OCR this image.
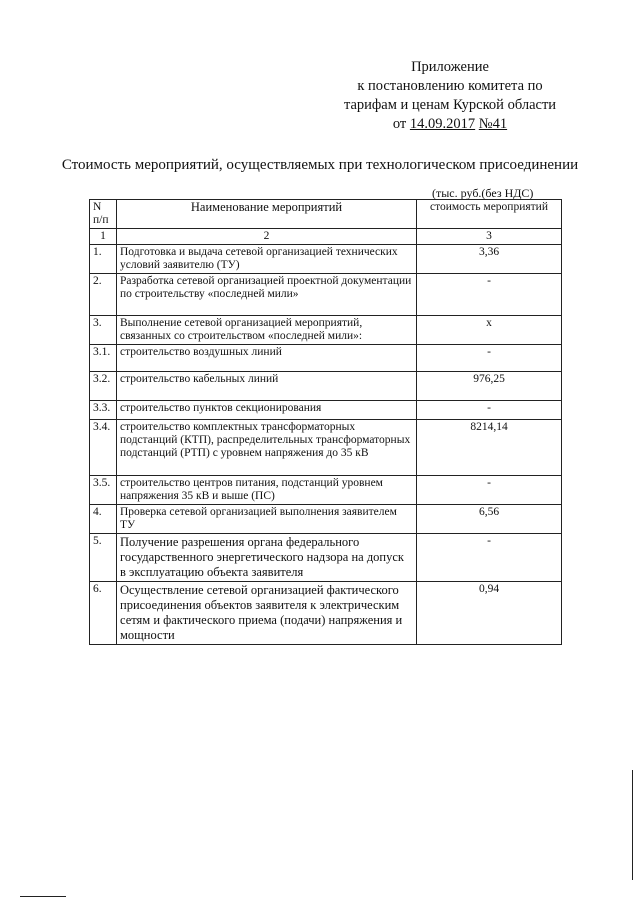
Приложение
к постановлению комитета по
тарифам и ценам Курской области
от 14.09.2017 №41
Стоимость мероприятий, осуществляемых при технологическом присоединении
(тыс. руб.(без НДС)
N п/п	Наименование мероприятий	стоимость мероприятий
1	2	3
1.	Подготовка и выдача сетевой организацией технических условий заявителю (ТУ)	3,36
2.	Разработка сетевой организацией проектной документации по строительству «последней мили»	-
3.	Выполнение сетевой организацией мероприятий, связанных со строительством «последней мили»:	x
3.1.	строительство воздушных линий	-
3.2.	строительство кабельных линий	976,25
3.3.	строительство пунктов секционирования	-
3.4.	строительство комплектных трансформаторных подстанций (КТП), распределительных трансформаторных подстанций (РТП) с уровнем напряжения до 35 кВ	8214,14
3.5.	строительство центров питания, подстанций уровнем напряжения 35 кВ и выше (ПС)	-
4.	Проверка сетевой организацией выполнения заявителем ТУ	6,56
5.	Получение разрешения органа федерального государственного энергетического надзора на допуск в эксплуатацию объекта заявителя	-
6.	Осуществление сетевой организацией фактического присоединения объектов заявителя к электрическим сетям и фактического приема (подачи) напряжения и мощности	0,94
